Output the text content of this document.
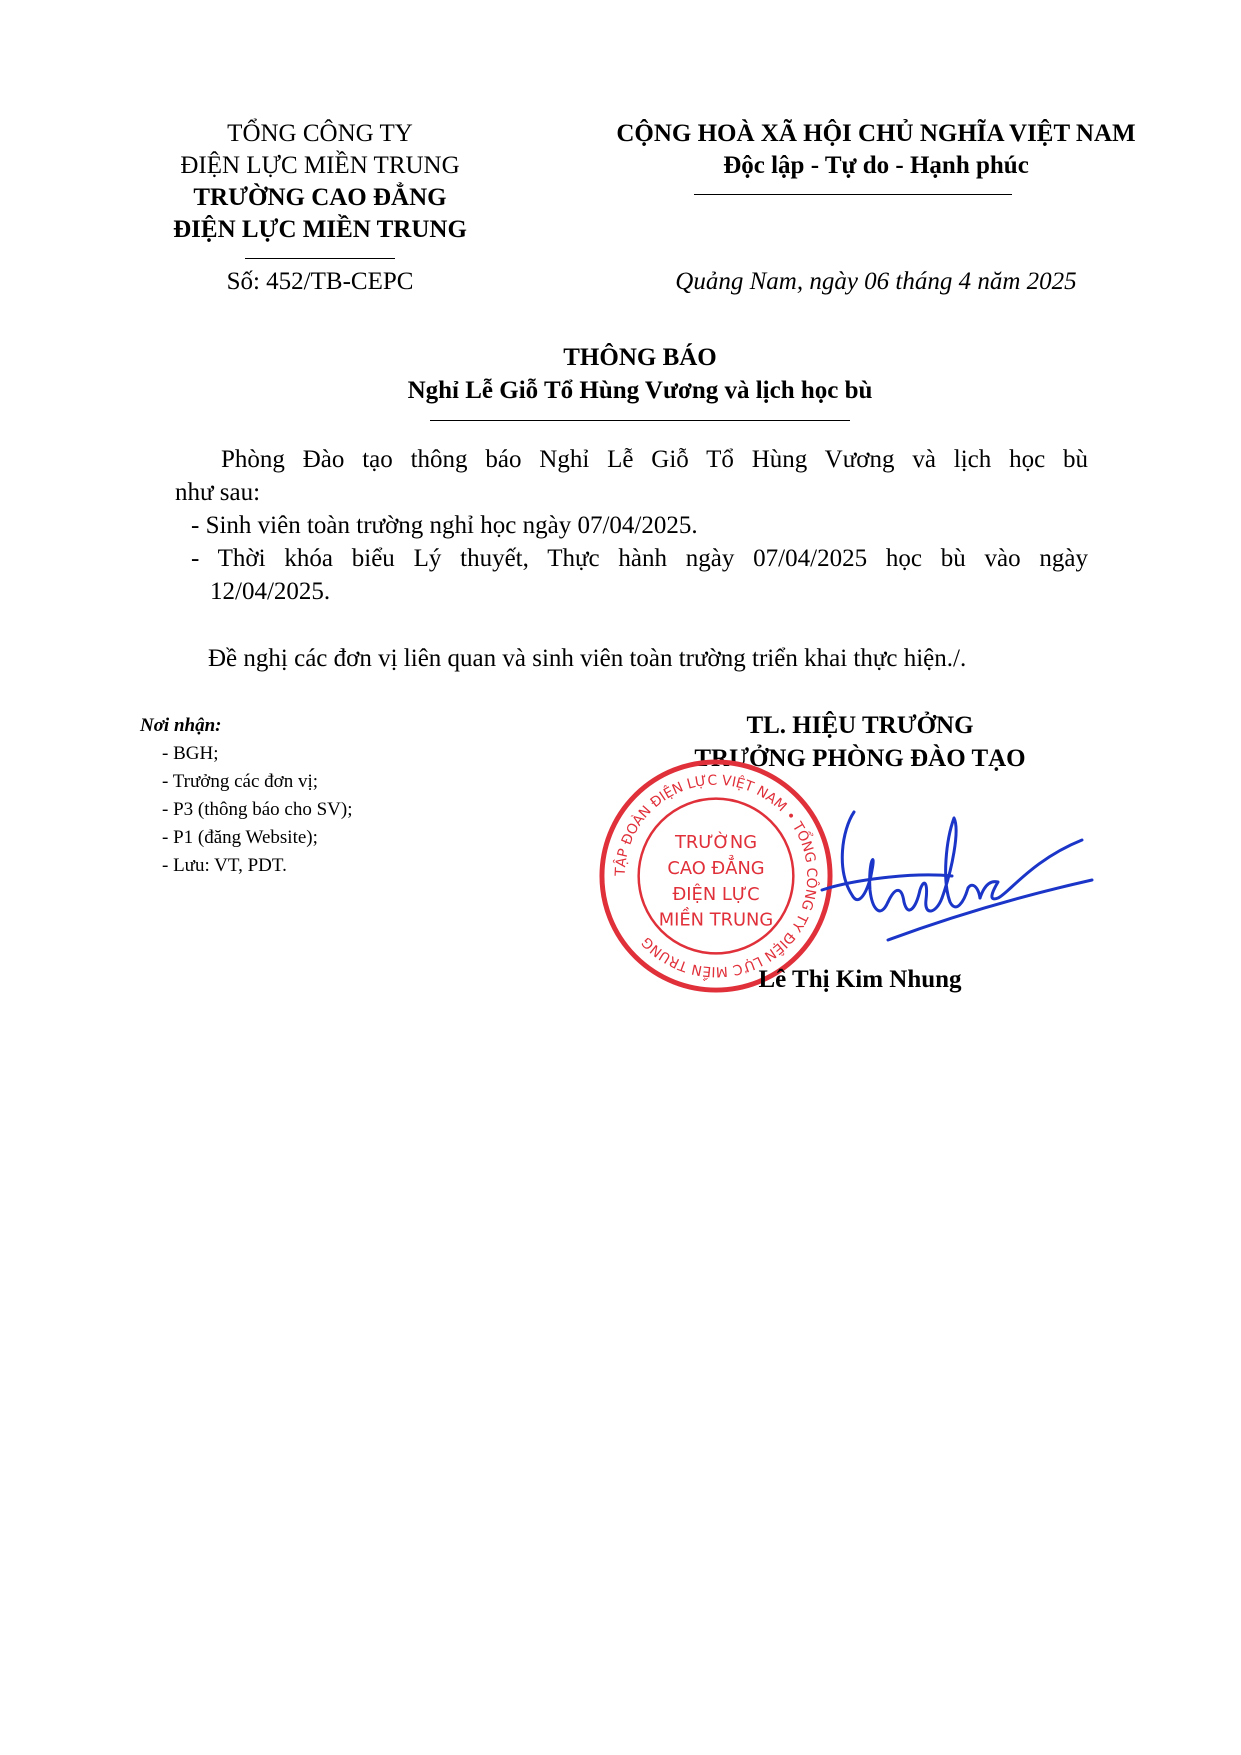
TỔNG CÔNG TY
ĐIỆN LỰC MIỀN TRUNG
TRƯỜNG CAO ĐẲNG
ĐIỆN LỰC MIỀN TRUNG
Số: 452/TB-CEPC
CỘNG HOÀ XÃ HỘI CHỦ NGHĨA VIỆT NAM
Độc lập - Tự do - Hạnh phúc
Quảng Nam, ngày 06 tháng 4 năm 2025
THÔNG BÁO
Nghỉ Lễ Giỗ Tổ Hùng Vương và lịch học bù
Phòng Đào tạo thông báo Nghỉ Lễ Giỗ Tổ Hùng Vương và lịch học bù
như sau:
- Sinh viên toàn trường nghỉ học ngày 07/04/2025.
- Thời khóa biểu Lý thuyết, Thực hành ngày 07/04/2025 học bù vào ngày
12/04/2025.
Đề nghị các đơn vị liên quan và sinh viên toàn trường triển khai thực hiện./.
Nơi nhận:
- BGH;
- Trưởng các đơn vị;
- P3 (thông báo cho SV);
- P1 (đăng Website);
- Lưu: VT, PDT.
TL. HIỆU TRƯỞNG
TRƯỞNG PHÒNG ĐÀO TẠO
TẬP ĐOÀN ĐIỆN LỰC VIỆT NAM • TỔNG CÔNG TY ĐIỆN LỰC MIỀN TRUNG
TRƯỜNG
CAO ĐẲNG
ĐIỆN LỰC
MIỀN TRUNG
Lê Thị Kim Nhung
